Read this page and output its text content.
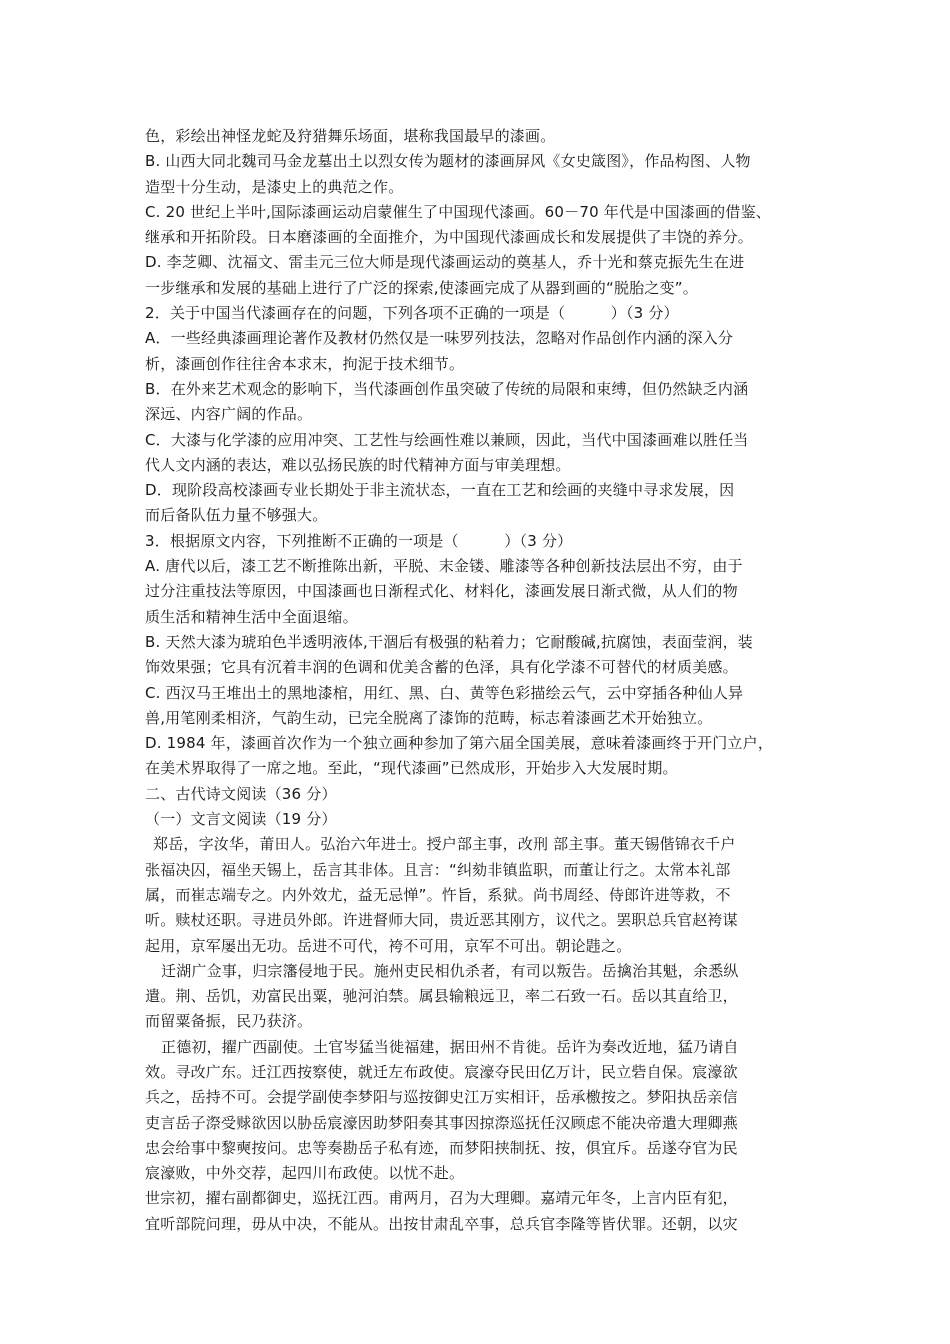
色，彩绘出神怪龙蛇及狩猎舞乐场面，堪称我国最早的漆画。
B. 山西大同北魏司马金龙墓出土以烈女传为题材的漆画屏风《女史箴图》，作品构图、人物
造型十分生动，是漆史上的典范之作。
C. 20 世纪上半叶,国际漆画运动启蒙催生了中国现代漆画。60－70 年代是中国漆画的借鉴、
继承和开拓阶段。日本磨漆画的全面推介，为中国现代漆画成长和发展提供了丰饶的养分。
D. 李芝卿、沈福文、雷圭元三位大师是现代漆画运动的奠基人，乔十光和蔡克振先生在进
一步继承和发展的基础上进行了广泛的探索,使漆画完成了从器到画的“脱胎之变”。
2．关于中国当代漆画存在的问题，下列各项不正确的一项是（　　　）（3 分）
A．一些经典漆画理论著作及教材仍然仅是一味罗列技法，忽略对作品创作内涵的深入分
析，漆画创作往往舍本求末，拘泥于技术细节。
B．在外来艺术观念的影响下，当代漆画创作虽突破了传统的局限和束缚，但仍然缺乏内涵
深远、内容广阔的作品。
C．大漆与化学漆的应用冲突、工艺性与绘画性难以兼顾，因此，当代中国漆画难以胜任当
代人文内涵的表达，难以弘扬民族的时代精神方面与审美理想。
D．现阶段高校漆画专业长期处于非主流状态，一直在工艺和绘画的夹缝中寻求发展，因
而后备队伍力量不够强大。
3．根据原文内容，下列推断不正确的一项是（　　　）（3 分）
A. 唐代以后，漆工艺不断推陈出新，平脱、末金镂、雕漆等各种创新技法层出不穷，由于
过分注重技法等原因，中国漆画也日渐程式化、材料化，漆画发展日渐式微，从人们的物
质生活和精神生活中全面退缩。
B. 天然大漆为琥珀色半透明液体,干涸后有极强的粘着力；它耐酸碱,抗腐蚀，表面莹润，装
饰效果强；它具有沉着丰润的色调和优美含蓄的色泽，具有化学漆不可替代的材质美感。
C. 西汉马王堆出土的黑地漆棺，用红、黑、白、黄等色彩描绘云气，云中穿插各种仙人异
兽,用笔刚柔相济，气韵生动，已完全脱离了漆饰的范畴，标志着漆画艺术开始独立。
D. 1984 年，漆画首次作为一个独立画种参加了第六届全国美展，意味着漆画终于开门立户，
在美术界取得了一席之地。至此，“现代漆画”已然成形，开始步入大发展时期。
二、古代诗文阅读（36 分）
（一）文言文阅读（19 分）
郑岳，字汝华，莆田人。弘治六年进士。授户部主事，改刑 部主事。董天锡偕锦衣千户
张福决囚，福坐天锡上，岳言其非体。且言：“纠劾非镇监职，而董让行之。太常本礼部
属，而崔志端专之。内外效尤，益无忌惮”。忤旨，系狱。尚书周经、侍郎许进等救，不
听。赎杖还职。寻进员外郎。许进督师大同，贵近恶其刚方，议代之。罢职总兵官赵袴谋
起用，京军屡出无功。岳进不可代，袴不可用，京军不可出。朝论韪之。
迁湖广佥事，归宗籓侵地于民。施州吏民相仇杀者，有司以叛告。岳擒治其魁，余悉纵
遣。荆、岳饥，劝富民出粟，驰河泊禁。属县输粮远卫，率二石致一石。岳以其直给卫，
而留粟备振，民乃获济。
正德初，擢广西副使。土官岑猛当徙福建，据田州不肯徙。岳许为奏改近地，猛乃请自
效。寻改广东。迁江西按察使，就迁左布政使。宸濠夺民田亿万计，民立砦自保。宸濠欲
兵之，岳持不可。会提学副使李梦阳与巡按御史江万实相讦，岳承檄按之。梦阳执岳亲信
吏言岳子漈受赇欲因以胁岳宸濠因助梦阳奏其事因掠漈巡抚任汉顾虑不能决帝遣大理卿燕
忠会给事中黎奭按问。忠等奏勘岳子私有迹，而梦阳挟制抚、按，俱宜斥。岳遂夺官为民
宸濠败，中外交荐，起四川布政使。以忧不赴。
世宗初，擢右副都御史，巡抚江西。甫两月，召为大理卿。嘉靖元年冬，上言内臣有犯，
宜听部院问理，毋从中决，不能从。出按甘肃乱卒事，总兵官李隆等皆伏罪。还朝，以灾
